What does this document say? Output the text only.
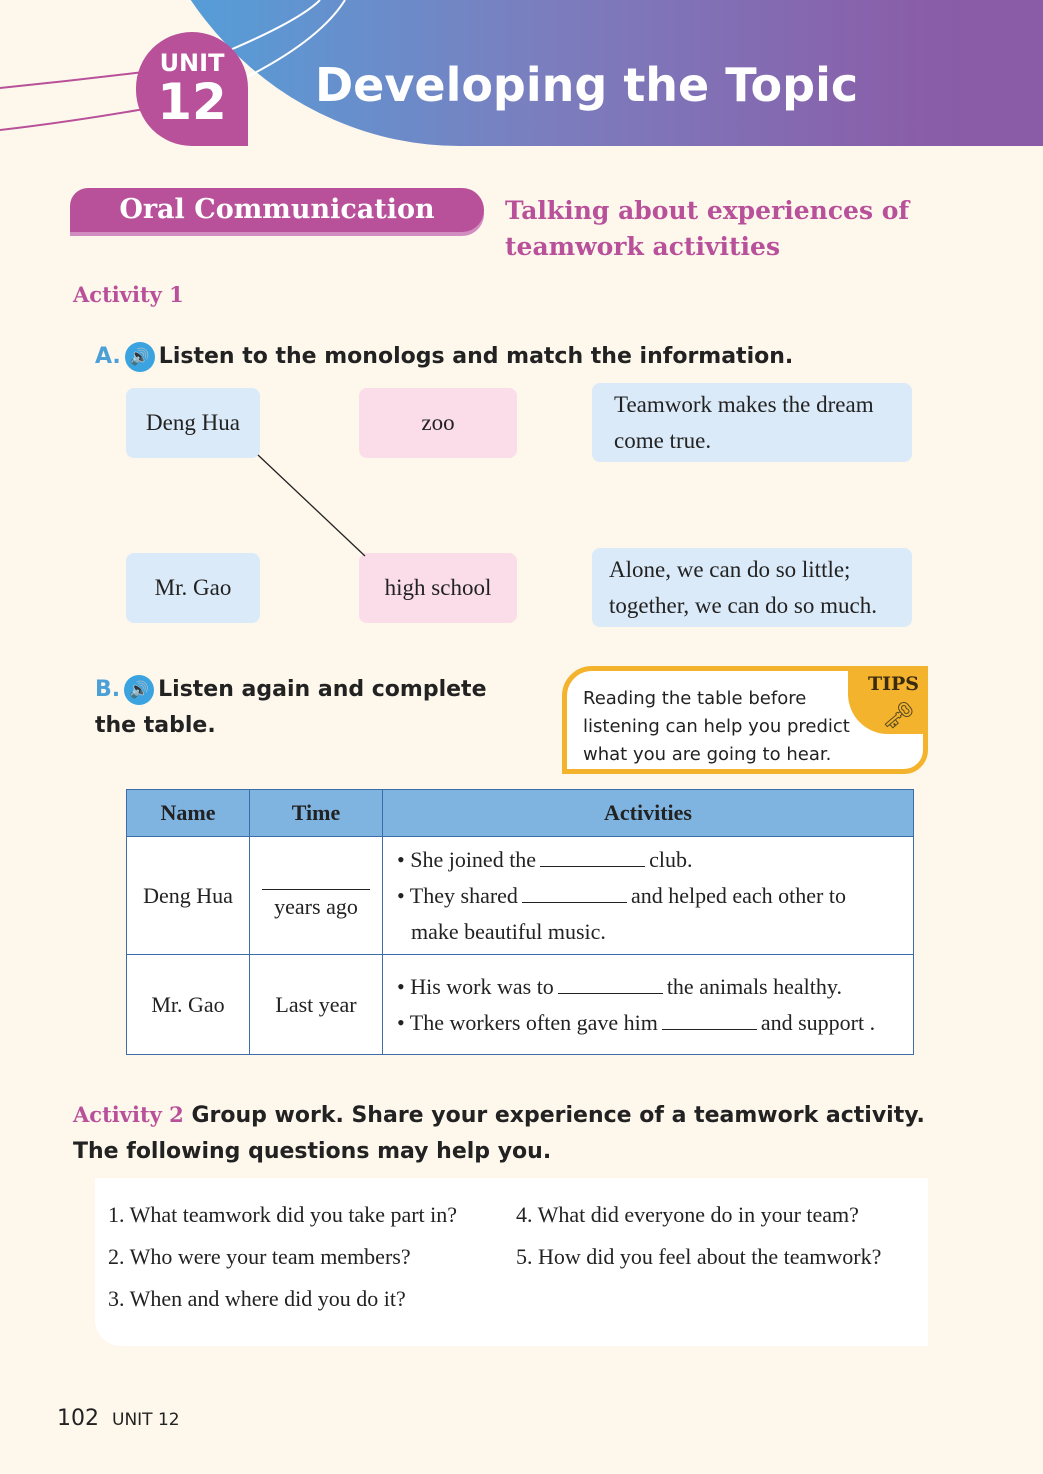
UNIT
12	Developing the Topic
Oral Communication	Talking about experiences of teamwork activities
Activity 1
A. 🔊 Listen to the monologs and match the information.
Deng Hua
Mr. Gao
zoo
high school
Teamwork makes the dream come true.
Alone, we can do so little; together, we can do so much.
B. 🔊 Listen again and complete the table.
TIPS
🗝
Reading the table before listening can help you predict what you are going to hear.
Name	Time	Activities
Deng Hua	years ago	• She joined the club.
• They shared and helped each other to
make beautiful music.
Mr. Gao	Last year	• His work was to the animals healthy.
• The workers often gave him and support .
Activity 2 Group work. Share your experience of a teamwork activity.
The following questions may help you.
1. What teamwork did you take part in?
2. Who were your team members?
3. When and where did you do it?
4. What did everyone do in your team?
5. How did you feel about the teamwork?
102 UNIT 12
